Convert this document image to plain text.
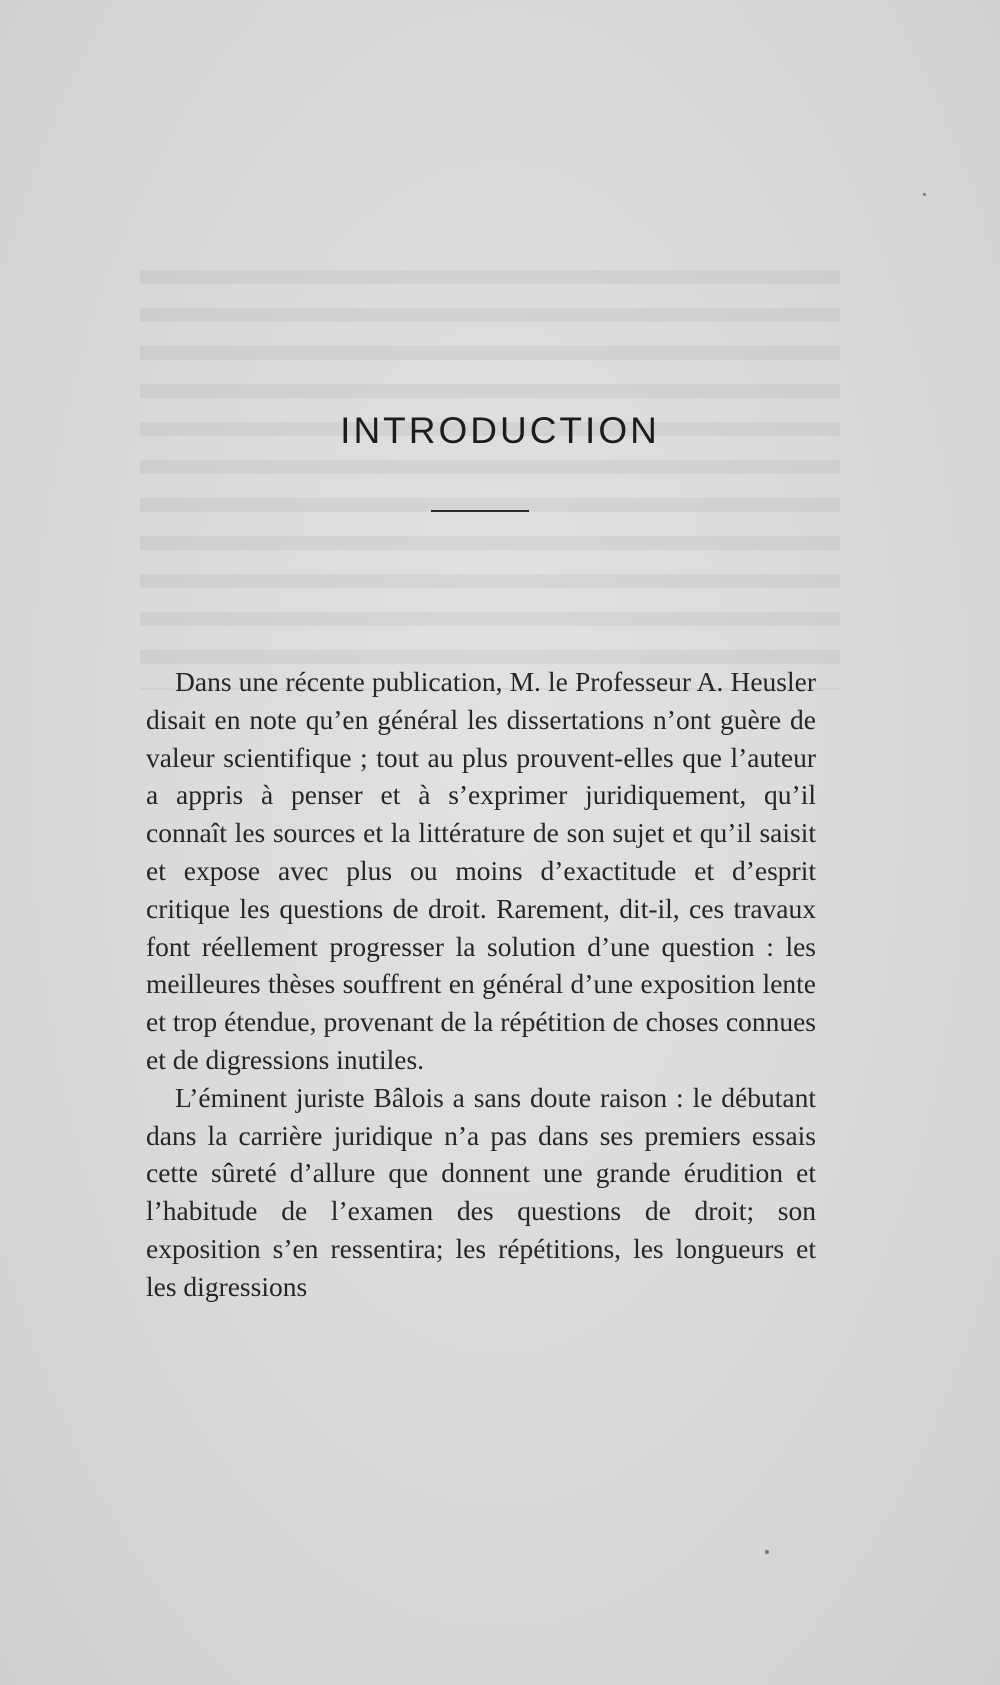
INTRODUCTION

Dans une récente publication, M. le Professeur A. Heusler disait en note qu’en général les dissertations n’ont guère de valeur scientifique ; tout au plus prouvent-elles que l’auteur a appris à penser et à s’exprimer juridiquement, qu’il connaît les sources et la littérature de son sujet et qu’il saisit et expose avec plus ou moins d’exactitude et d’esprit critique les questions de droit. Rarement, dit-il, ces travaux font réellement progresser la solution d’une question : les meilleures thèses souffrent en général d’une exposition lente et trop étendue, provenant de la répétition de choses connues et de digressions inutiles.

L’éminent juriste Bâlois a sans doute raison : le débutant dans la carrière juridique n’a pas dans ses premiers essais cette sûreté d’allure que donnent une grande érudition et l’habitude de l’examen des questions de droit; son exposition s’en ressentira; les répétitions, les longueurs et les digressions
